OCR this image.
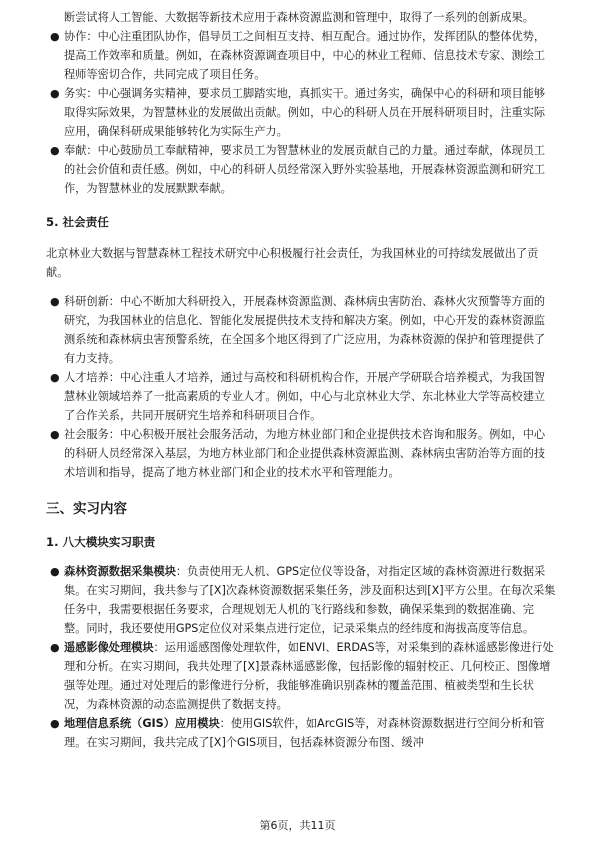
断尝试将人工智能、大数据等新技术应用于森林资源监测和管理中，取得了一系列的创新成果。

● 协作：中心注重团队协作，倡导员工之间相互支持、相互配合。通过协作，发挥团队的整体优势，提高工作效率和质量。例如，在森林资源调查项目中，中心的林业工程师、信息技术专家、测绘工程师等密切合作，共同完成了项目任务。
● 务实：中心强调务实精神，要求员工脚踏实地，真抓实干。通过务实，确保中心的科研和项目能够取得实际效果，为智慧林业的发展做出贡献。例如，中心的科研人员在开展科研项目时，注重实际应用，确保科研成果能够转化为实际生产力。
● 奉献：中心鼓励员工奉献精神，要求员工为智慧林业的发展贡献自己的力量。通过奉献，体现员工的社会价值和责任感。例如，中心的科研人员经常深入野外实验基地，开展森林资源监测和研究工作，为智慧林业的发展默默奉献。
5. 社会责任

北京林业大数据与智慧森林工程技术研究中心积极履行社会责任，为我国林业的可持续发展做出了贡献。

● 科研创新：中心不断加大科研投入，开展森林资源监测、森林病虫害防治、森林火灾预警等方面的研究，为我国林业的信息化、智能化发展提供技术支持和解决方案。例如，中心开发的森林资源监测系统和森林病虫害预警系统，在全国多个地区得到了广泛应用，为森林资源的保护和管理提供了有力支持。
● 人才培养：中心注重人才培养，通过与高校和科研机构合作，开展产学研联合培养模式，为我国智慧林业领域培养了一批高素质的专业人才。例如，中心与北京林业大学、东北林业大学等高校建立了合作关系，共同开展研究生培养和科研项目合作。
● 社会服务：中心积极开展社会服务活动，为地方林业部门和企业提供技术咨询和服务。例如，中心的科研人员经常深入基层，为地方林业部门和企业提供森林资源监测、森林病虫害防治等方面的技术培训和指导，提高了地方林业部门和企业的技术水平和管理能力。
三、实习内容
1. 八大模块实习职责
● 森林资源数据采集模块：负责使用无人机、GPS定位仪等设备，对指定区域的森林资源进行数据采集。在实习期间，我共参与了[X]次森林资源数据采集任务，涉及面积达到[X]平方公里。在每次采集任务中，我需要根据任务要求，合理规划无人机的飞行路线和参数，确保采集到的数据准确、完整。同时，我还要使用GPS定位仪对采集点进行定位，记录采集点的经纬度和海拔高度等信息。
● 遥感影像处理模块：运用遥感图像处理软件，如ENVI、ERDAS等，对采集到的森林遥感影像进行处理和分析。在实习期间，我共处理了[X]景森林遥感影像，包括影像的辐射校正、几何校正、图像增强等处理。通过对处理后的影像进行分析，我能够准确识别森林的覆盖范围、植被类型和生长状况，为森林资源的动态监测提供了数据支持。
● 地理信息系统（GIS）应用模块：使用GIS软件，如ArcGIS等，对森林资源数据进行空间分析和管理。在实习期间，我共完成了[X]个GIS项目，包括森林资源分布图、缓冲
第6页，共11页
